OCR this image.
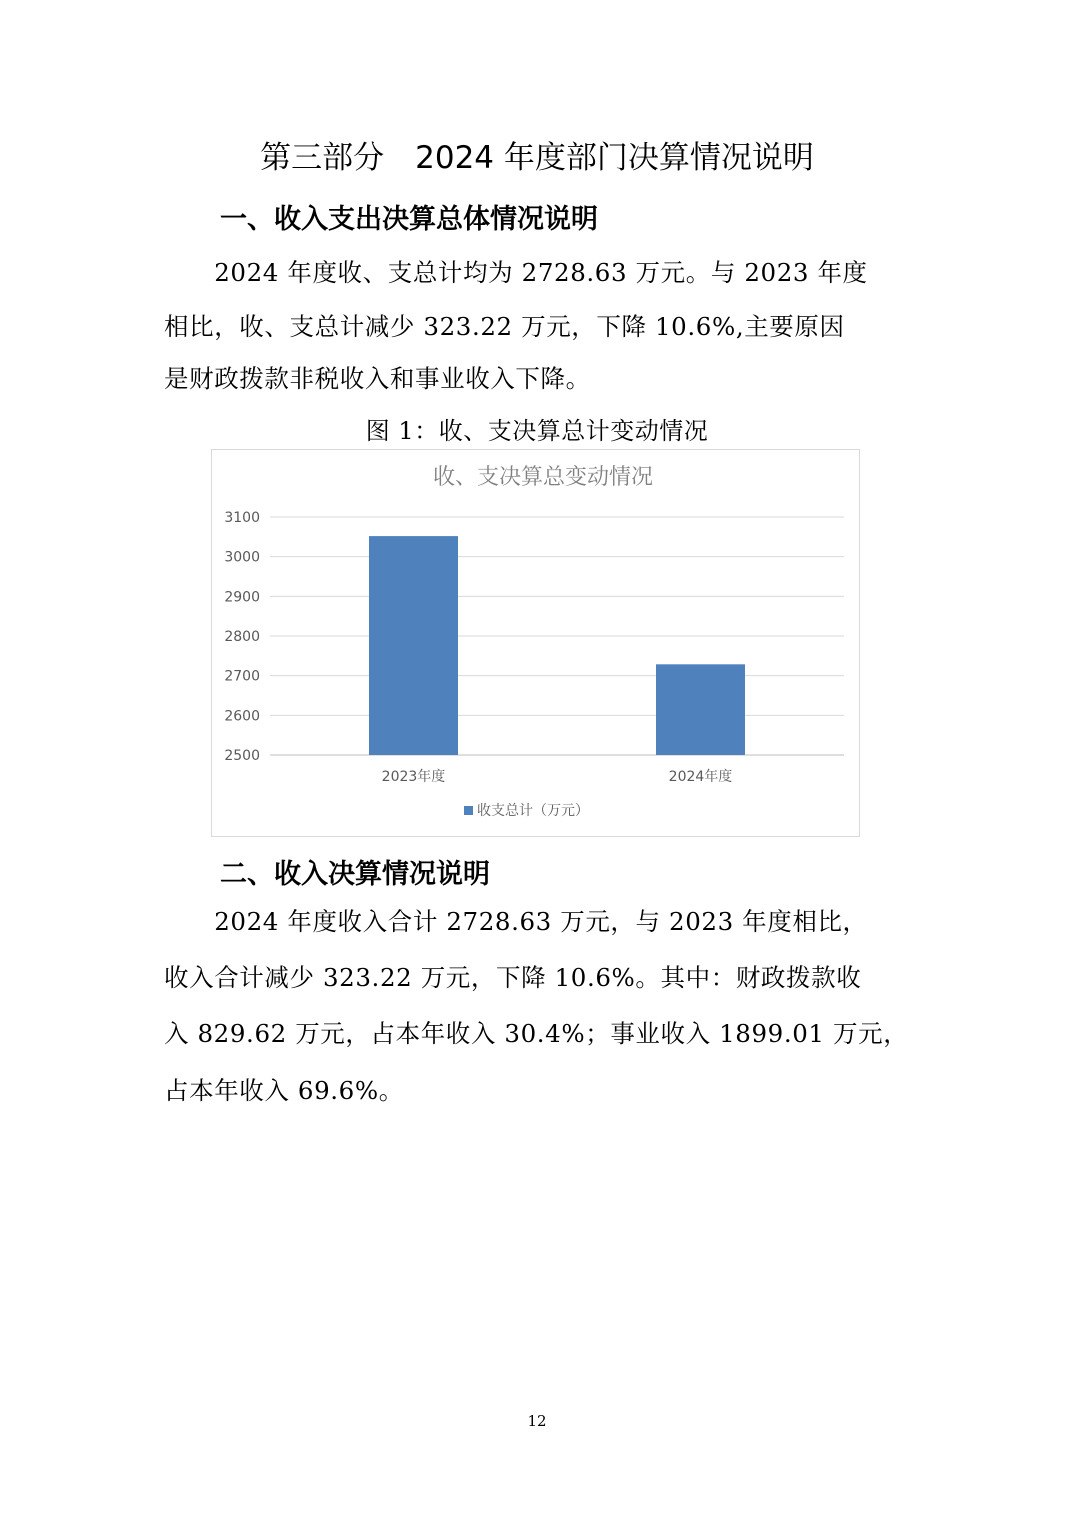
第三部分　2024 年度部门决算情况说明
一、收入支出决算总体情况说明
　　2024 年度收、支总计均为 2728.63 万元。与 2023 年度
相比，收、支总计减少 323.22 万元，下降 10.6%,主要原因
是财政拨款非税收入和事业收入下降。
图 1：收、支决算总计变动情况
收、支决算总变动情况
2500
2600
2700
2800
2900
3000
3100
2023年度	2024年度
收支总计（万元）
二、收入决算情况说明
　　2024 年度收入合计 2728.63 万元，与 2023 年度相比，
收入合计减少 323.22 万元，下降 10.6%。其中：财政拨款收
入 829.62 万元，占本年收入 30.4%；事业收入 1899.01 万元，
占本年收入 69.6%。
12
